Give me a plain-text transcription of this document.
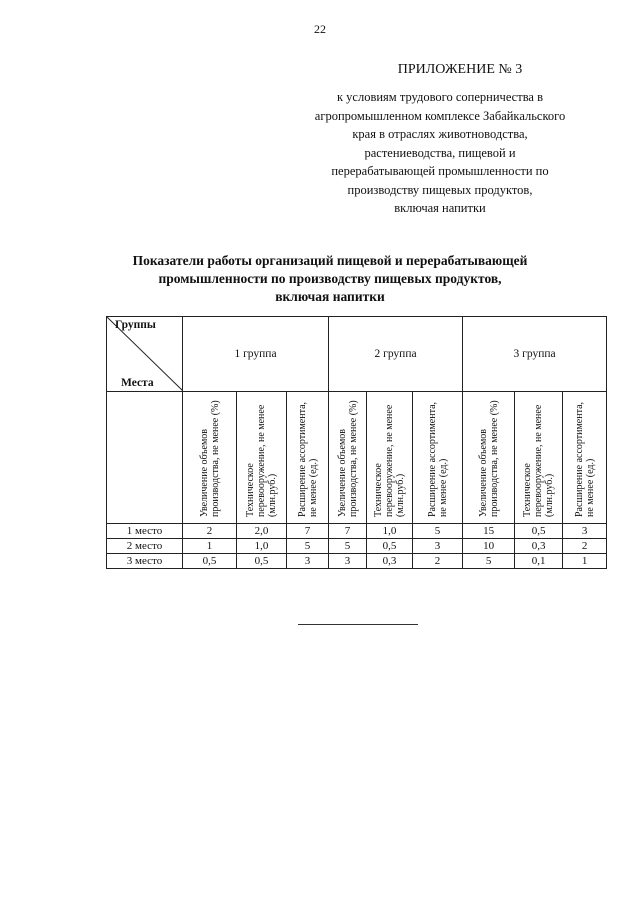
22
ПРИЛОЖЕНИЕ № 3
к условиям трудового соперничества в
агропромышленном комплексе Забайкальского
края в отраслях животноводства,
растениеводства, пищевой и
перерабатывающей промышленности по
производству пищевых продуктов,
включая напитки
Показатели работы организаций пищевой и перерабатывающей
промышленности по производству пищевых продуктов,
включая напитки
Группы
Места	1 группа			2 группа			3 группа		
	Увеличение объемов производства, не менее (%)	Техническое перевооружение, не менее (млн.руб.)	Расширение ассортимента, не менее (ед.)	Увеличение объемов производства, не менее (%)	Техническое перевооружение, не менее (млн.руб.)	Расширение ассортимента, не менее (ед.)	Увеличение объемов производства, не менее (%)	Техническое перевооружение, не менее (млн.руб.)	Расширение ассортимента, не менее (ед.)
1 место	2	2,0	7	7	1,0	5	15	0,5	3
2 место	1	1,0	5	5	0,5	3	10	0,3	2
3 место	0,5	0,5	3	3	0,3	2	5	0,1	1
